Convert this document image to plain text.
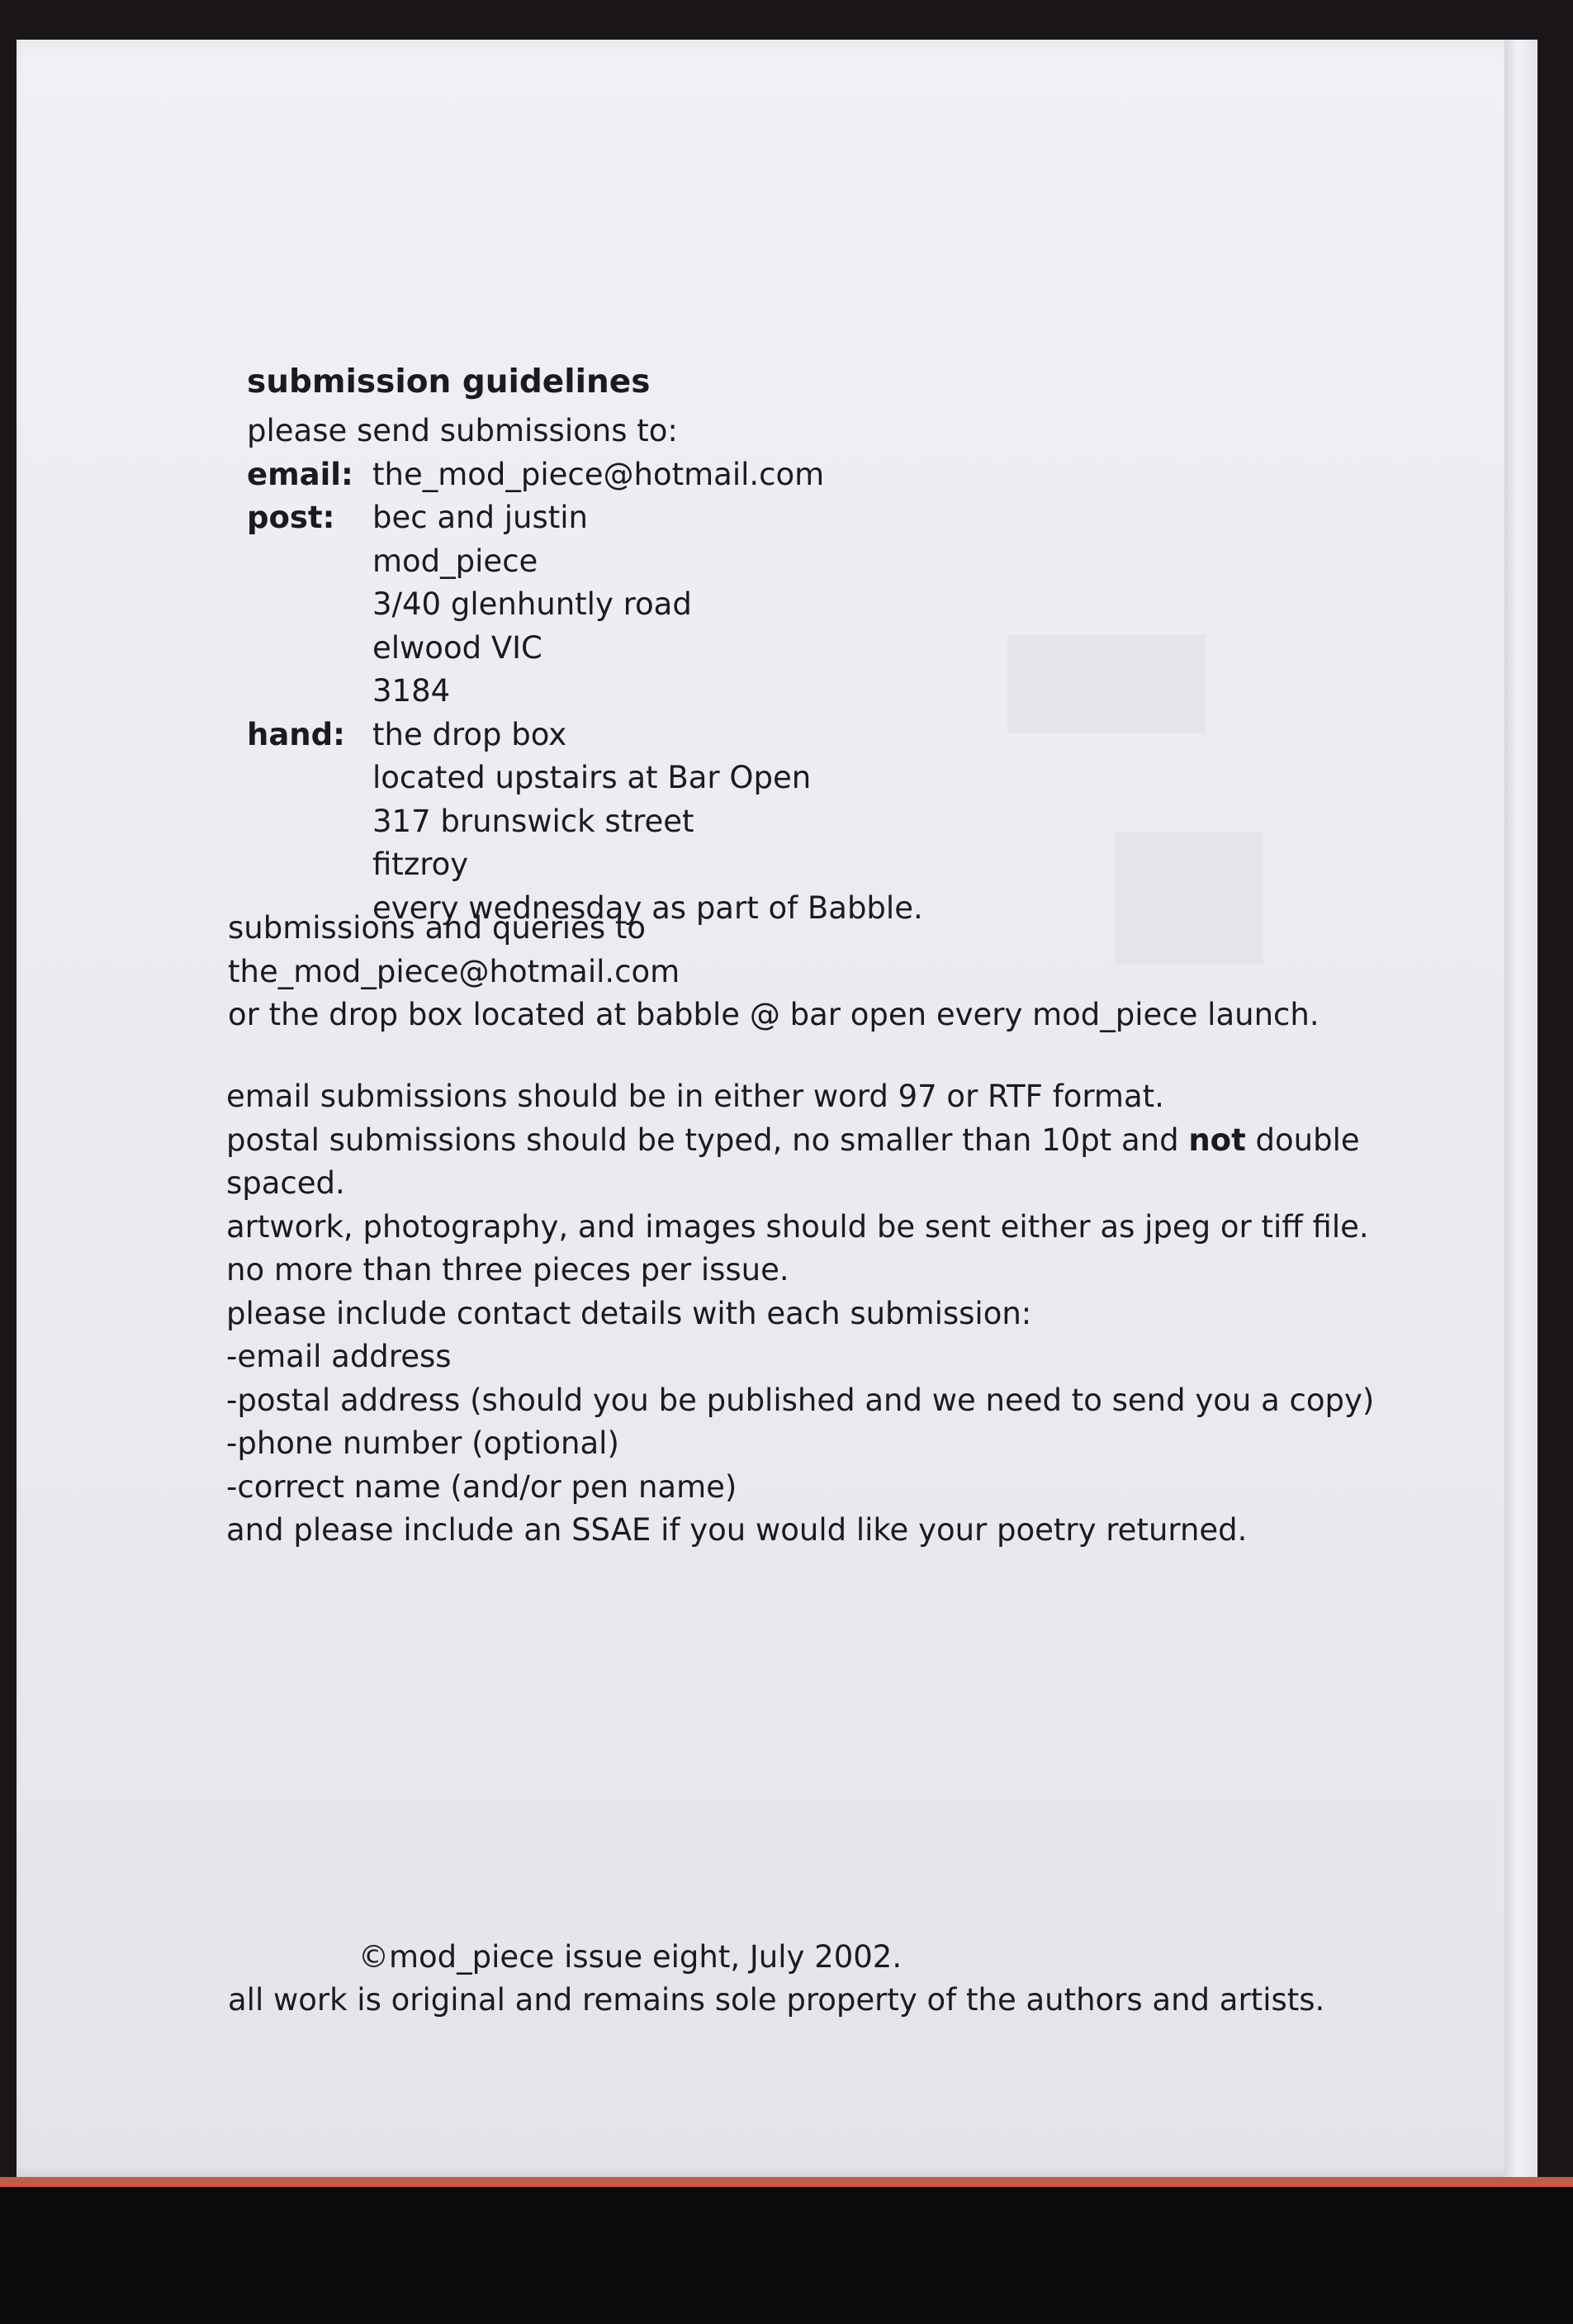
submission guidelines
please send submissions to:
email: the_mod_piece@hotmail.com
post:	bec and justin
mod_piece
3/40 glenhuntly road
elwood VIC
3184
hand: the drop box
located upstairs at Bar Open
317 brunswick street
fitzroy
every wednesday as part of Babble.
submissions and queries to
the_mod_piece@hotmail.com
or the drop box located at babble @ bar open every mod_piece launch.
email submissions should be in either word 97 or RTF format.
postal submissions should be typed, no smaller than 10pt and not double
spaced.
artwork, photography, and images should be sent either as jpeg or tiff file.
no more than three pieces per issue.
please include contact details with each submission:
-email address
-postal address (should you be published and we need to send you a copy)
-phone number (optional)
-correct name (and/or pen name)
and please include an SSAE if you would like your poetry returned.
©mod_piece issue eight, July 2002.
all work is original and remains sole property of the authors and artists.
